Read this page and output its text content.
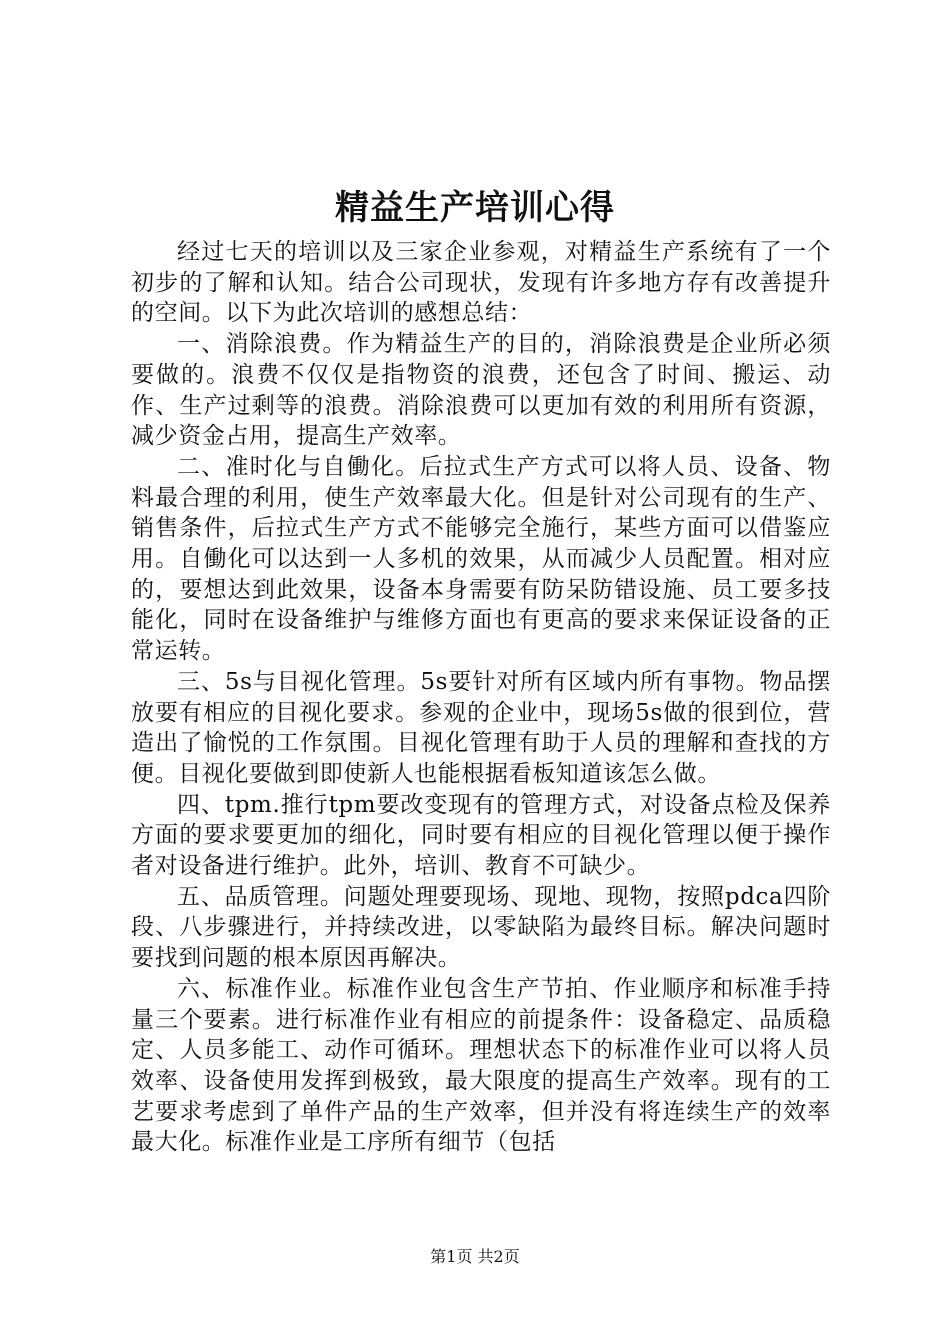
精益生产培训心得

经过七天的培训以及三家企业参观，对精益生产系统有了一个初步的了解和认知。结合公司现状，发现有许多地方存有改善提升的空间。以下为此次培训的感想总结：

一、消除浪费。作为精益生产的目的，消除浪费是企业所必须要做的。浪费不仅仅是指物资的浪费，还包含了时间、搬运、动作、生产过剩等的浪费。消除浪费可以更加有效的利用所有资源，减少资金占用，提高生产效率。

二、准时化与自働化。后拉式生产方式可以将人员、设备、物料最合理的利用，使生产效率最大化。但是针对公司现有的生产、销售条件，后拉式生产方式不能够完全施行，某些方面可以借鉴应用。自働化可以达到一人多机的效果，从而减少人员配置。相对应的，要想达到此效果，设备本身需要有防呆防错设施、员工要多技能化，同时在设备维护与维修方面也有更高的要求来保证设备的正常运转。

三、5s与目视化管理。5s要针对所有区域内所有事物。物品摆放要有相应的目视化要求。参观的企业中，现场5s做的很到位，营造出了愉悦的工作氛围。目视化管理有助于人员的理解和查找的方便。目视化要做到即使新人也能根据看板知道该怎么做。

四、tpm.推行tpm要改变现有的管理方式，对设备点检及保养方面的要求要更加的细化，同时要有相应的目视化管理以便于操作者对设备进行维护。此外，培训、教育不可缺少。

五、品质管理。问题处理要现场、现地、现物，按照pdca四阶段、八步骤进行，并持续改进，以零缺陷为最终目标。解决问题时要找到问题的根本原因再解决。

六、标准作业。标准作业包含生产节拍、作业顺序和标准手持量三个要素。进行标准作业有相应的前提条件：设备稳定、品质稳定、人员多能工、动作可循环。理想状态下的标准作业可以将人员效率、设备使用发挥到极致，最大限度的提高生产效率。现有的工艺要求考虑到了单件产品的生产效率，但并没有将连续生产的效率最大化。标准作业是工序所有细节（包括

第1页 共2页
